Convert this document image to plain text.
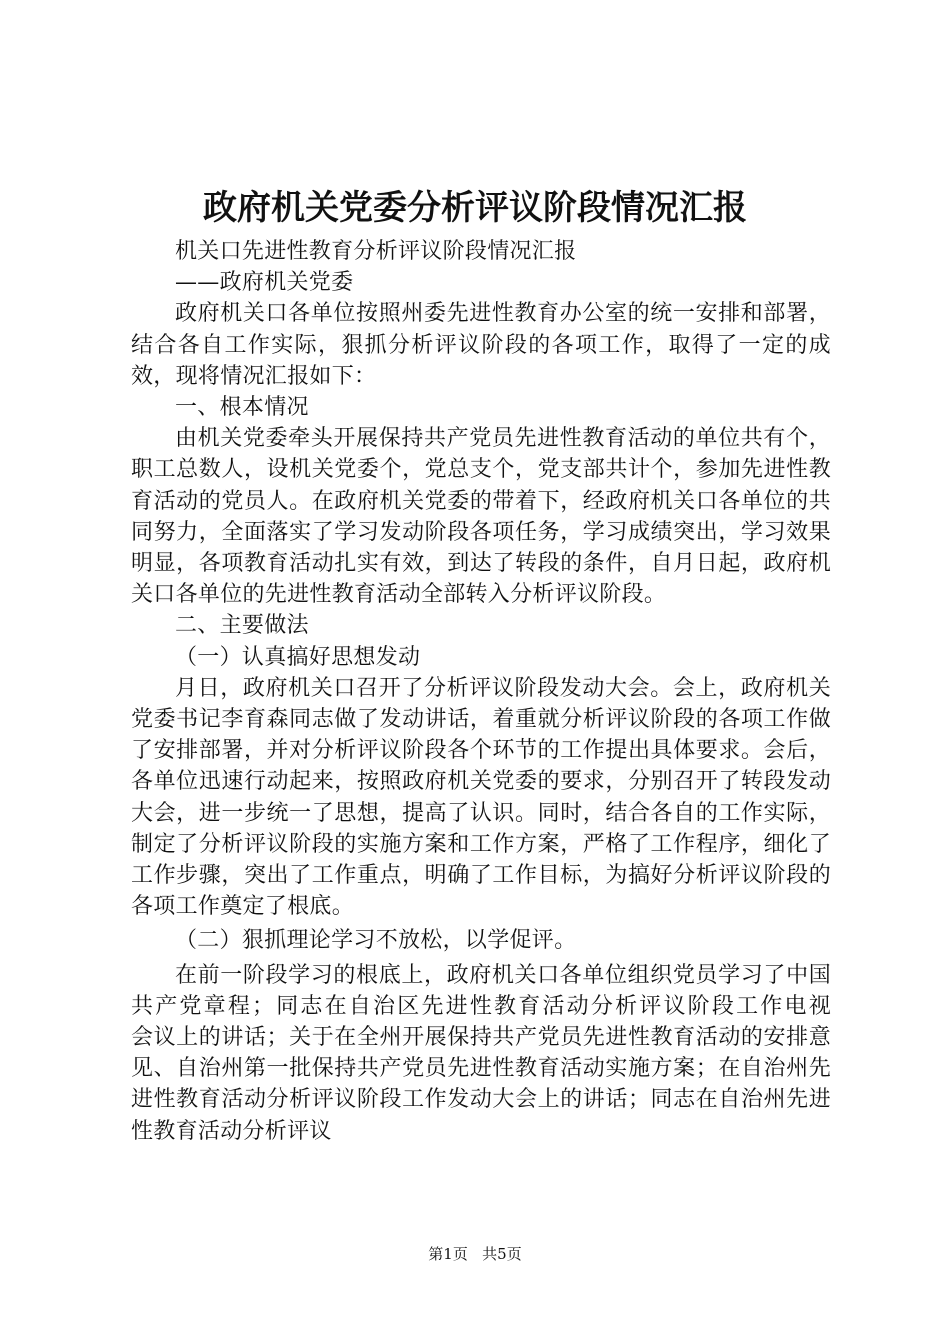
政府机关党委分析评议阶段情况汇报

机关口先进性教育分析评议阶段情况汇报

——政府机关党委

政府机关口各单位按照州委先进性教育办公室的统一安排和部署，结合各自工作实际，狠抓分析评议阶段的各项工作，取得了一定的成效，现将情况汇报如下：

一、根本情况

由机关党委牵头开展保持共产党员先进性教育活动的单位共有个，职工总数人，设机关党委个，党总支个，党支部共计个，参加先进性教育活动的党员人。在政府机关党委的带着下，经政府机关口各单位的共同努力，全面落实了学习发动阶段各项任务，学习成绩突出，学习效果明显，各项教育活动扎实有效，到达了转段的条件，自月日起，政府机关口各单位的先进性教育活动全部转入分析评议阶段。

二、主要做法

（一）认真搞好思想发动

月日，政府机关口召开了分析评议阶段发动大会。会上，政府机关党委书记李育森同志做了发动讲话，着重就分析评议阶段的各项工作做了安排部署，并对分析评议阶段各个环节的工作提出具体要求。会后，各单位迅速行动起来，按照政府机关党委的要求，分别召开了转段发动大会，进一步统一了思想，提高了认识。同时，结合各自的工作实际，制定了分析评议阶段的实施方案和工作方案，严格了工作程序，细化了工作步骤，突出了工作重点，明确了工作目标，为搞好分析评议阶段的各项工作奠定了根底。

（二）狠抓理论学习不放松，以学促评。

在前一阶段学习的根底上，政府机关口各单位组织党员学习了中国共产党章程；同志在自治区先进性教育活动分析评议阶段工作电视　　会议上的讲话；关于在全州开展保持共产党员先进性教育活动的安排意见、自治州第一批保持共产党员先进性教育活动实施方案；在自治州先进性教育活动分析评议阶段工作发动大会上的讲话；同志在自治州先进性教育活动分析评议

第1页 共5页
